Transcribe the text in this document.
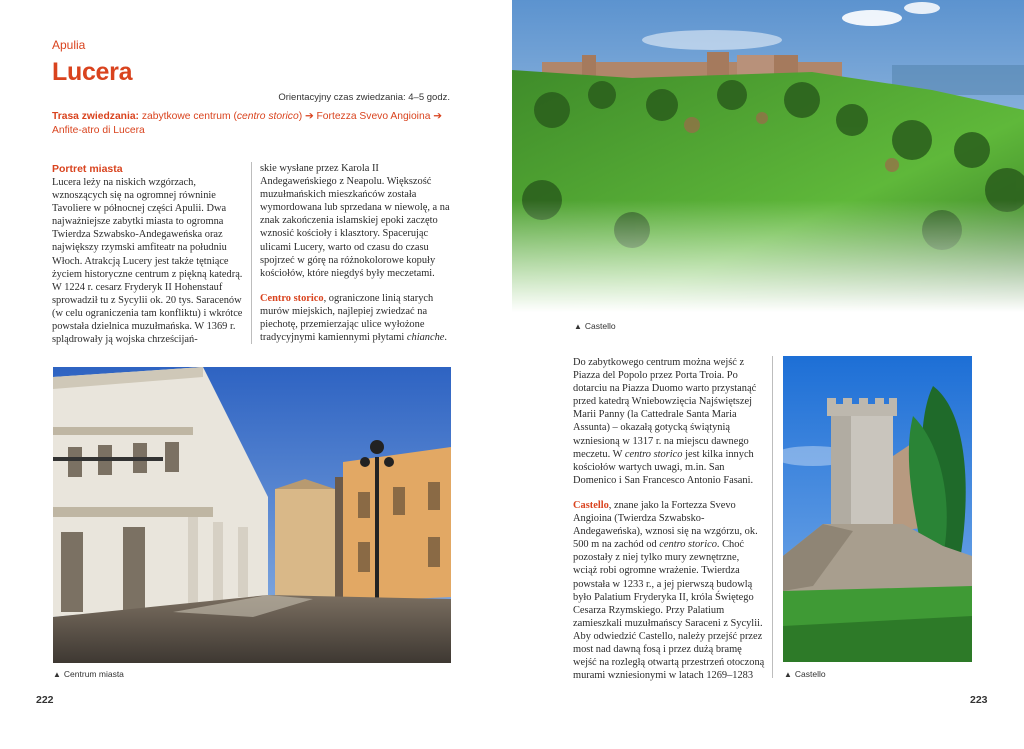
Apulia
Lucera
Orientacyjny czas zwiedzania: 4–5 godz.
Trasa zwiedzania: zabytkowe centrum (centro storico) ➔ Fortezza Svevo Angioina ➔ Anfite-atro di Lucera
Portret miasta

Lucera leży na niskich wzgórzach, wznoszących się na ogromnej równinie Tavoliere w północnej części Apulii. Dwa najważniejsze zabytki miasta to ogromna Twierdza Szwabsko-Andegaweńska oraz największy rzymski amfiteatr na południu Włoch. Atrakcją Lucery jest także tętniące życiem historyczne centrum z piękną katedrą. W 1224 r. cesarz Fryderyk II Hohenstauf sprowadził tu z Sycylii ok. 20 tys. Saracenów (w celu ograniczenia tam konfliktu) i wkrótce powstała dzielnica muzułmańska. W 1369 r. splądrowały ją wojska chrześcijań-

skie wysłane przez Karola II Andegaweńskiego z Neapolu. Większość muzułmańskich mieszkańców została wymordowana lub sprzedana w niewolę, a na znak zakończenia islamskiej epoki zaczęto wznosić kościoły i klasztory. Spacerując ulicami Lucery, warto od czasu do czasu spojrzeć w górę na różnokolorowe kopuły kościołów, które niegdyś były meczetami.

Centro storico, ograniczone linią starych murów miejskich, najlepiej zwiedzać na piechotę, przemierzając ulice wyłożone tradycyjnymi kamiennymi płytami chianche.

▲ Centrum miasta
222
▲ Castello

Do zabytkowego centrum można wejść z Piazza del Popolo przez Porta Troia. Po dotarciu na Piazza Duomo warto przystanąć przed katedrą Wniebowzięcia Najświętszej Marii Panny (la Cattedrale Santa Maria Assunta) – okazałą gotycką świątynią wzniesioną w 1317 r. na miejscu dawnego meczetu. W centro storico jest kilka innych kościołów wartych uwagi, m.in. San Domenico i San Francesco Antonio Fasani.

Castello, znane jako la Fortezza Svevo Angioina (Twierdza Szwabsko-Andegaweńska), wznosi się na wzgórzu, ok. 500 m na zachód od centro storico. Choć pozostały z niej tylko mury zewnętrzne, wciąż robi ogromne wrażenie. Twierdza powstała w 1233 r., a jej pierwszą budowlą było Palatium Fryderyka II, króla Świętego Cesarza Rzymskiego. Przy Palatium zamieszkali muzułmańscy Saraceni z Sycylii. Aby odwiedzić Castello, należy przejść przez most nad dawną fosą i przez dużą bramę wejść na rozległą otwartą przestrzeń otoczoną murami wzniesionymi w latach 1269–1283	▲ Castello
223
